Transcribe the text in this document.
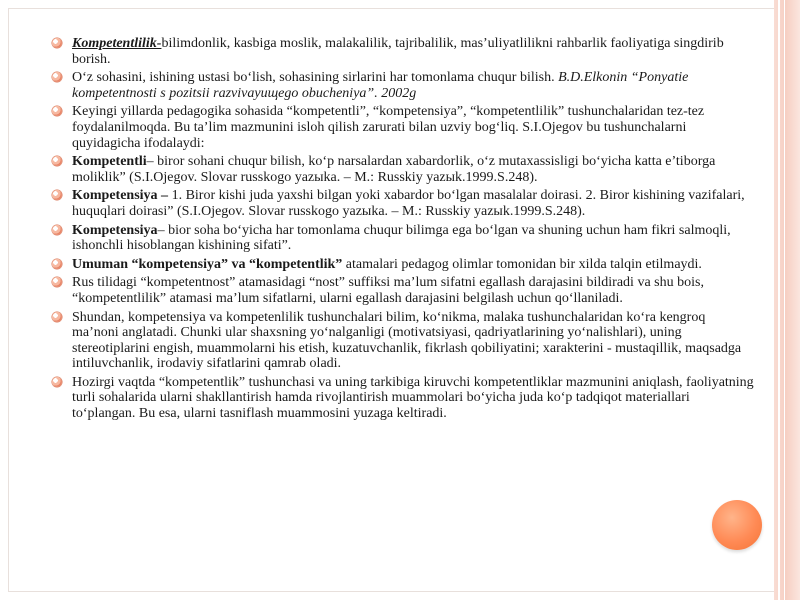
Kompetentlilik-bilimdonlik, kasbiga moslik, malakalilik, tajribalilik, mas’uliyatlilikni rahbarlik faoliyatiga singdirib borish.
O‘z sohasini, ishining ustasi bo‘lish, sohasining sirlarini har tomonlama chuqur bilish. B.D.Elkonin “Ponyatie kompetentnosti s pozitsii razvivayuщego obucheniya”. 2002g
Keyingi yillarda pedagogika sohasida “kompetentli”, “kompetensiya”, “kompetentlilik” tushunchalaridan tez-tez foydalanilmoqda. Bu ta’lim mazmunini isloh qilish zarurati bilan uzviy bog‘liq. S.I.Ojegov bu tushunchalarni quyidagicha ifodalaydi:
Kompetentli– biror sohani chuqur bilish, ko‘p narsalardan xabardorlik, o‘z mutaxassisligi bo‘yicha katta e’tiborga moliklik” (S.I.Ojegov. Slovar russkogo yazыka. – M.: Russkiy yazыk.1999.S.248).
Kompetensiya – 1. Biror kishi juda yaxshi bilgan yoki xabardor bo‘lgan masalalar doirasi. 2. Biror kishining vazifalari, huquqlari doirasi” (S.I.Ojegov. Slovar russkogo yazыka. – M.: Russkiy yazыk.1999.S.248).
Kompetensiya– bior soha bo‘yicha har tomonlama chuqur bilimga ega bo‘lgan va shuning uchun ham fikri salmoqli, ishonchli hisoblangan kishining sifati”.
Umuman “kompetensiya” va “kompetentlik” atamalari pedagog olimlar tomonidan bir xilda talqin etilmaydi.
Rus tilidagi “kompetentnost” atamasidagi “nost” suffiksi ma’lum sifatni egallash darajasini bildiradi va shu bois, “kompetentlilik” atamasi ma’lum sifatlarni, ularni egallash darajasini belgilash uchun qo‘llaniladi.
Shundan, kompetensiya va kompetenlilik tushunchalari bilim, ko‘nikma, malaka tushunchalaridan ko‘ra kengroq ma’noni anglatadi. Chunki ular shaxsning yo‘nalganligi (motivatsiyasi, qadriyatlarining yo‘nalishlari), uning stereotiplarini engish, muammolarni his etish, kuzatuvchanlik, fikrlash qobiliyatini; xarakterini - mustaqillik, maqsadga intiluvchanlik, irodaviy sifatlarini qamrab oladi.
Hozirgi vaqtda “kompetentlik” tushunchasi va uning tarkibiga kiruvchi kompetentliklar mazmunini aniqlash, faoliyatning turli sohalarida ularni shakllantirish hamda rivojlantirish muammolari bo‘yicha juda ko‘p tadqiqot materiallari to‘plangan. Bu esa, ularni tasniflash muammosini yuzaga keltiradi.
